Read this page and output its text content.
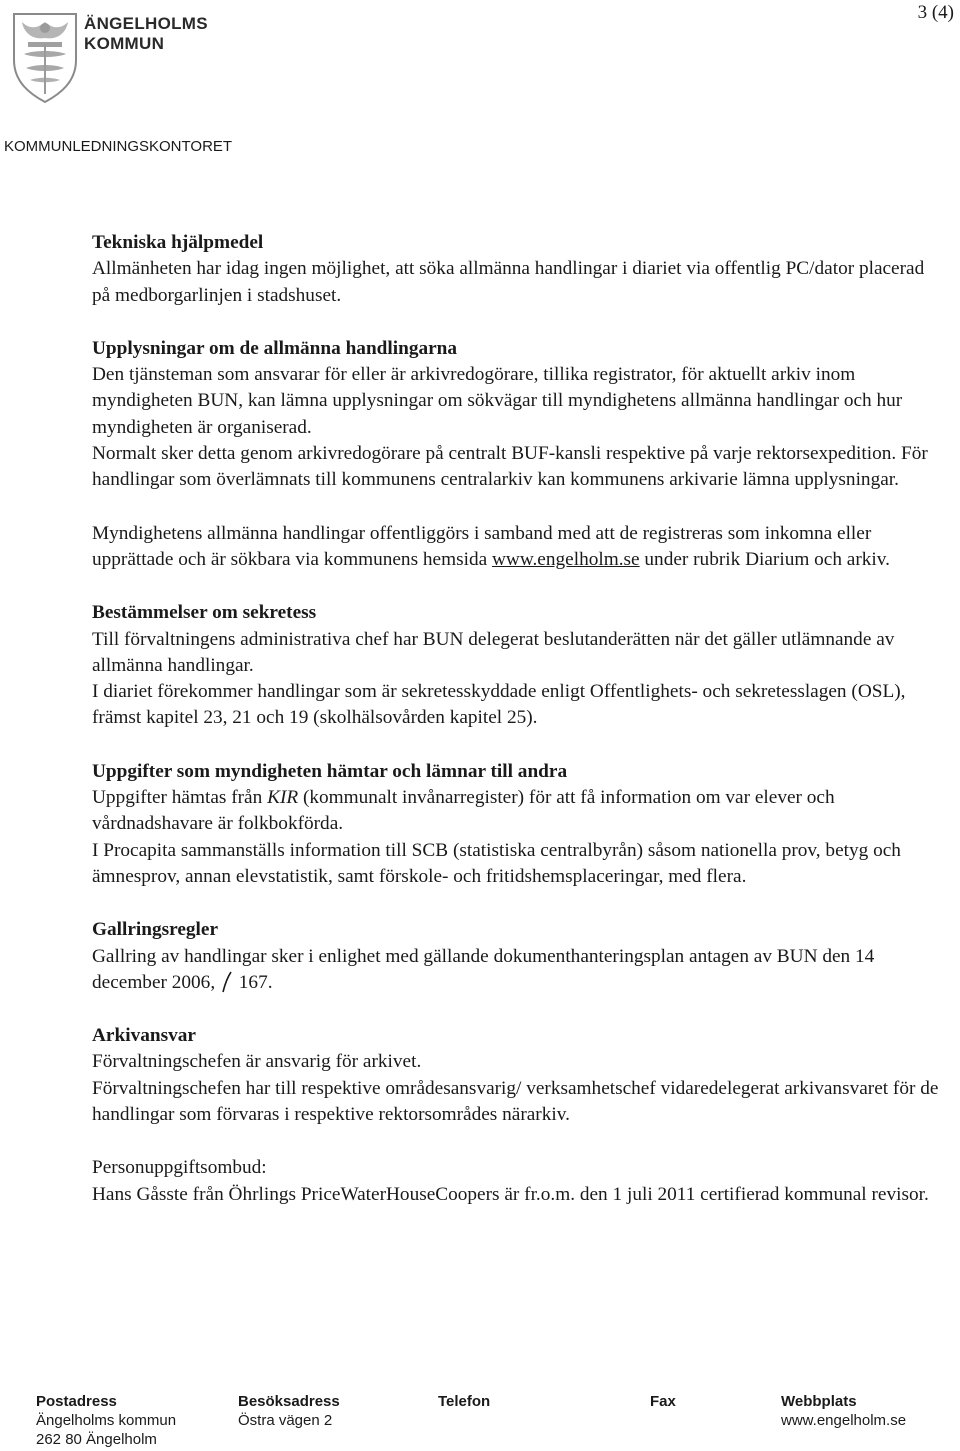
3 (4)
ÄNGELHOLMS
KOMMUN
KOMMUNLEDNINGSKONTORET
Tekniska hjälpmedel

Allmänheten har idag ingen möjlighet, att söka allmänna handlingar i diariet via offentlig PC/dator placerad på medborgarlinjen i stadshuset.

Upplysningar om de allmänna handlingarna

Den tjänsteman som ansvarar för eller är arkivredogörare, tillika registrator, för aktuellt arkiv inom myndigheten BUN, kan lämna upplysningar om sökvägar till myndighetens allmänna handlingar och hur myndigheten är organiserad.

Normalt sker detta genom arkivredogörare på centralt BUF-kansli respektive på varje rektorsexpedition. För handlingar som överlämnats till kommunens centralarkiv kan kommunens arkivarie lämna upplysningar.

Myndighetens allmänna handlingar offentliggörs i samband med att de registreras som inkomna eller upprättade och är sökbara via kommunens hemsida www.engelholm.se under rubrik Diarium och arkiv.

Bestämmelser om sekretess

Till förvaltningens administrativa chef har BUN delegerat beslutanderätten när det gäller utlämnande av allmänna handlingar.

I diariet förekommer handlingar som är sekretesskyddade enligt Offentlighets- och sekretesslagen (OSL), främst kapitel 23, 21 och 19 (skolhälsovården kapitel 25).

Uppgifter som myndigheten hämtar och lämnar till andra

Uppgifter hämtas från KIR (kommunalt invånarregister) för att få information om var elever och vårdnadshavare är folkbokförda.

I Procapita sammanställs information till SCB (statistiska centralbyrån) såsom nationella prov, betyg och ämnesprov, annan elevstatistik, samt förskole- och fritidshemsplaceringar, med flera.

Gallringsregler

Gallring av handlingar sker i enlighet med gällande dokumenthanteringsplan antagen av BUN den 14 december 2006,  167.

Arkivansvar

Förvaltningschefen är ansvarig för arkivet.

Förvaltningschefen har till respektive områdesansvarig/ verksamhetschef vidaredelegerat arkivansvaret för de handlingar som förvaras i respektive rektorsområdes närarkiv.

Personuppgiftsombud:

Hans Gåsste från Öhrlings PriceWaterHouseCoopers är fr.o.m. den 1 juli 2011 certifierad kommunal revisor.

Postadress
Ängelholms kommun
262 80 Ängelholm
Besöksadress
Östra vägen 2
Telefon	Fax	Webbplats
www.engelholm.se
